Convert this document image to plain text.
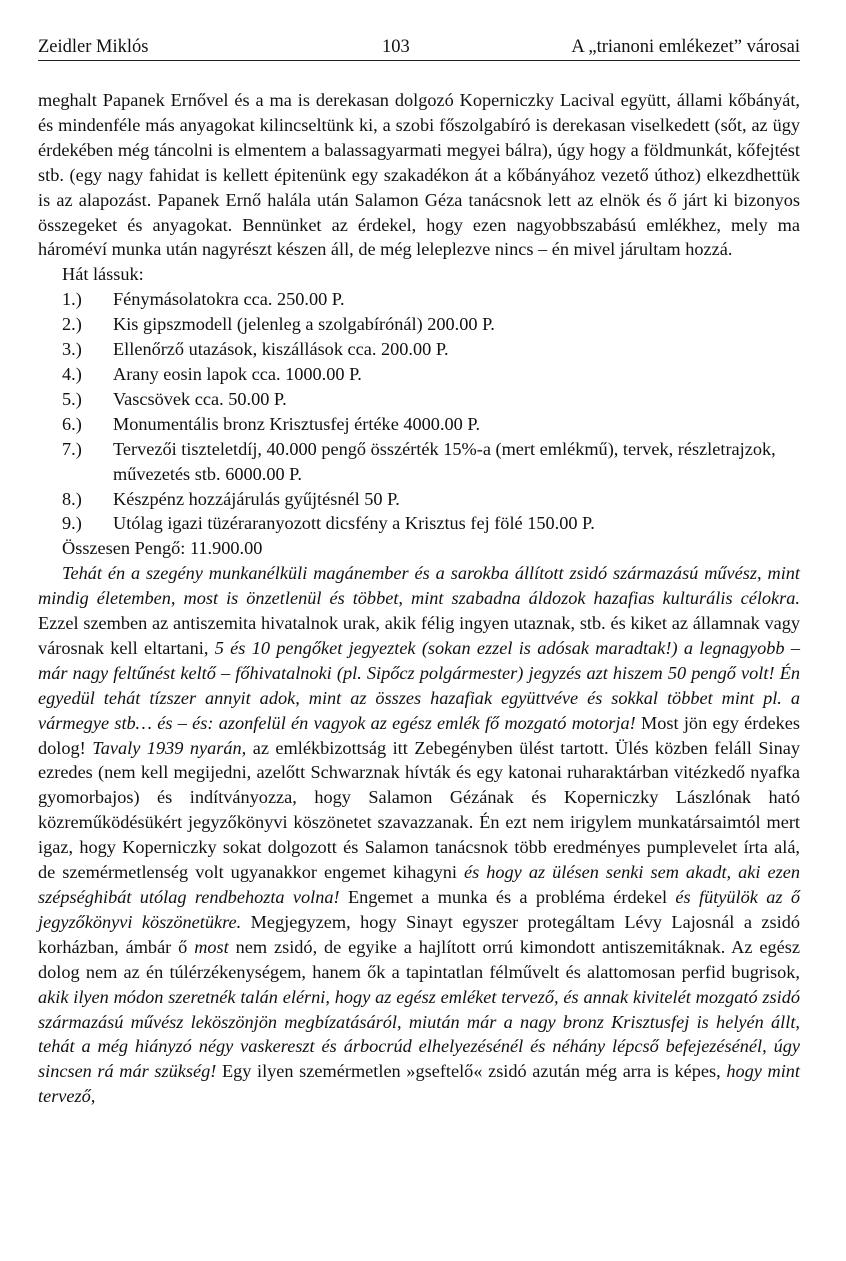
Zeidler Miklós	103	A „trianoni emlékezet” városai

meghalt Papanek Ernővel és a ma is derekasan dolgozó Koperniczky Lacival együtt, állami kőbányát, és mindenféle más anyagokat kilincseltünk ki, a szobi főszolgabíró is derekasan viselkedett (sőt, az ügy érdekében még táncolni is elmentem a balassagyarmati megyei bálra), úgy hogy a földmunkát, kőfejtést stb. (egy nagy fahidat is kellett épitenünk egy szakadékon át a kőbányához vezető úthoz) elkezdhettük is az alapozást. Papanek Ernő halála után Salamon Géza tanácsnok lett az elnök és ő járt ki bizonyos összegeket és anyagokat. Bennünket az érdekel, hogy ezen nagyobbszabású emlékhez, mely ma hároméví munka után nagyrészt készen áll, de még leleplezve nincs – én mivel járultam hozzá.

Hát lássuk:

1.) Fénymásolatokra cca. 250.00 P.
2.) Kis gipszmodell (jelenleg a szolgabírónál) 200.00 P.
3.) Ellenőrző utazások, kiszállások cca. 200.00 P.
4.) Arany eosin lapok cca. 1000.00 P.
5.) Vascsövek cca. 50.00 P.
6.) Monumentális bronz Krisztusfej értéke 4000.00 P.
7.) Tervezői tiszteletdíj, 40.000 pengő összérték 15%-a (mert emlékmű), tervek, részletrajzok, művezetés stb. 6000.00 P.
8.) Készpénz hozzájárulás gyűjtésnél 50 P.
9.) Utólag igazi tüzéraranyozott dicsfény a Krisztus fej fölé 150.00 P.

Összesen Pengő: 11.900.00

Tehát én a szegény munkanélküli magánember és a sarokba állított zsidó származású művész, mint mindig életemben, most is önzetlenül és többet, mint szabadna áldozok hazafias kulturális célokra. Ezzel szemben az antiszemita hivatalnok urak, akik félig ingyen utaznak, stb. és kiket az államnak vagy városnak kell eltartani, 5 és 10 pengőket jegyeztek (sokan ezzel is adósak maradtak!) a legnagyobb – már nagy feltűnést keltő – főhivatalnoki (pl. Sipőcz polgármester) jegyzés azt hiszem 50 pengő volt! Én egyedül tehát tízszer annyit adok, mint az összes hazafiak együttvéve és sokkal többet mint pl. a vármegye stb… és – és: azonfelül én vagyok az egész emlék fő mozgató motorja! Most jön egy érdekes dolog! Tavaly 1939 nyarán, az emlékbizottság itt Zebegényben ülést tartott. Ülés közben feláll Sinay ezredes (nem kell megijedni, azelőtt Schwarznak hívták és egy katonai ruharaktárban vitézkedő nyafka gyomorbajos) és indítványozza, hogy Salamon Gézának és Koperniczky Lászlónak ható közreműködésükért jegyzőkönyvi köszönetet szavazzanak. Én ezt nem irigylem munkatársaimtól mert igaz, hogy Koperniczky sokat dolgozott és Salamon tanácsnok több eredményes pumplevelet írta alá, de szemérmetlenség volt ugyanakkor engemet kihagyni és hogy az ülésen senki sem akadt, aki ezen szépséghibát utólag rendbehozta volna! Engemet a munka és a probléma érdekel és fütyülök az ő jegyzőkönyvi köszönetükre. Megjegyzem, hogy Sinayt egyszer protegáltam Lévy Lajosnál a zsidó korházban, ámbár ő most nem zsidó, de egyike a hajlított orrú kimondott antiszemitáknak. Az egész dolog nem az én túlérzékenységem, hanem ők a tapintatlan félművelt és alattomosan perfid bugrisok, akik ilyen módon szeretnék talán elérni, hogy az egész emléket tervező, és annak kivitelét mozgató zsidó származású művész leköszönjön megbízatásáról, miután már a nagy bronz Krisztusfej is helyén állt, tehát a még hiányzó négy vaskereszt és árbocrúd elhelyezésénél és néhány lépcső befejezésénél, úgy sincsen rá már szükség! Egy ilyen szemérmetlen »gseftelő« zsidó azután még arra is képes, hogy mint tervező,
